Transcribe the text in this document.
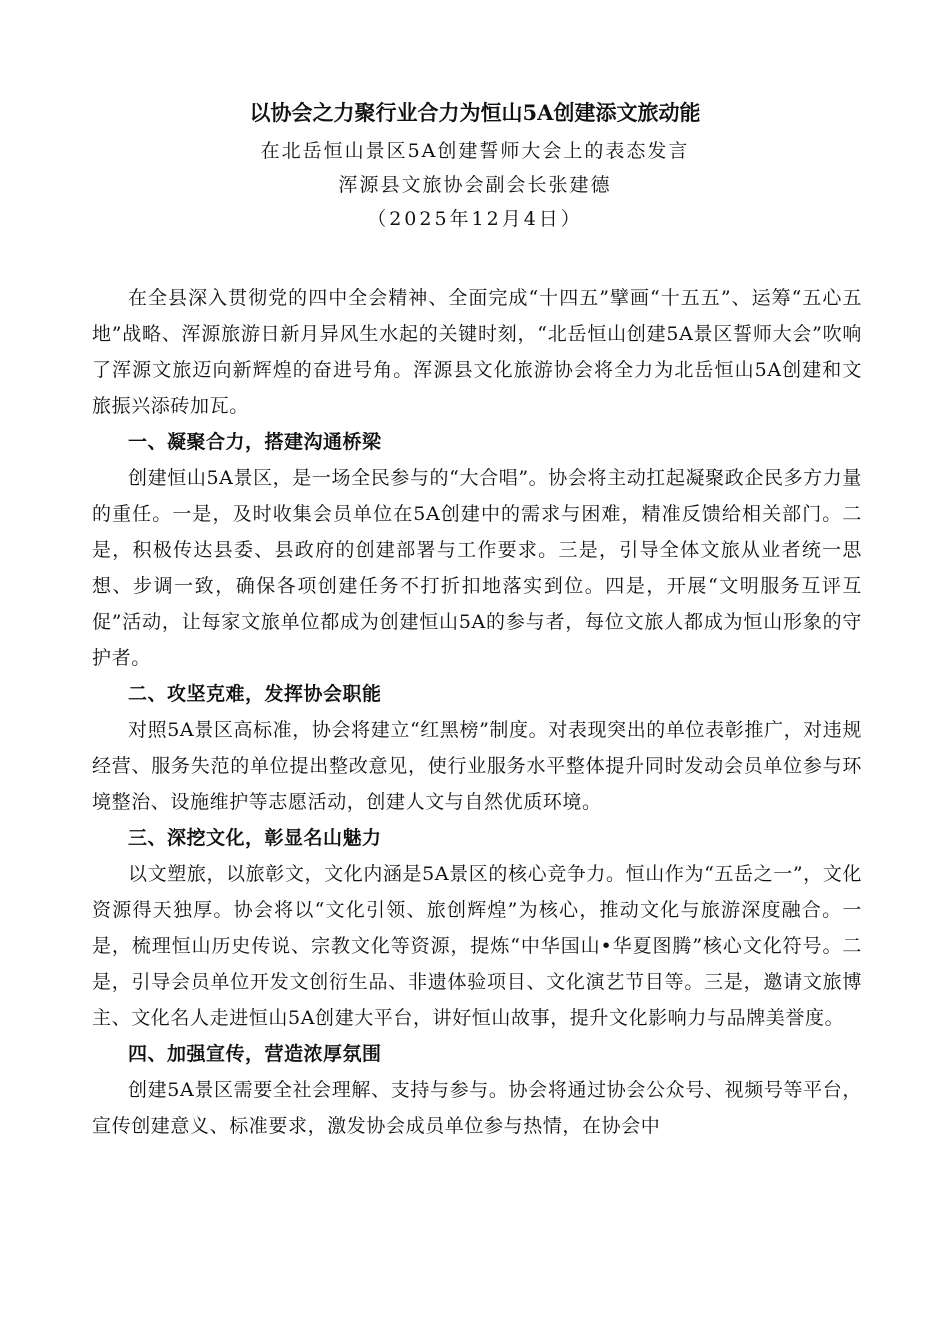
以协会之力聚行业合力为恒山5A创建添文旅动能
在北岳恒山景区5A创建誓师大会上的表态发言
浑源县文旅协会副会长张建德
（2025年12月4日）

在全县深入贯彻党的四中全会精神、全面完成“十四五”擘画“十五五”、运筹“五心五地”战略、浑源旅游日新月异风生水起的关键时刻，“北岳恒山创建5A景区誓师大会”吹响了浑源文旅迈向新辉煌的奋进号角。浑源县文化旅游协会将全力为北岳恒山5A创建和文旅振兴添砖加瓦。

一、凝聚合力，搭建沟通桥梁

创建恒山5A景区，是一场全民参与的“大合唱”。协会将主动扛起凝聚政企民多方力量的重任。一是，及时收集会员单位在5A创建中的需求与困难，精准反馈给相关部门。二是，积极传达县委、县政府的创建部署与工作要求。三是，引导全体文旅从业者统一思想、步调一致，确保各项创建任务不打折扣地落实到位。四是，开展“文明服务互评互促”活动，让每家文旅单位都成为创建恒山5A的参与者，每位文旅人都成为恒山形象的守护者。

二、攻坚克难，发挥协会职能

对照5A景区高标准，协会将建立“红黑榜”制度。对表现突出的单位表彰推广，对违规经营、服务失范的单位提出整改意见，使行业服务水平整体提升同时发动会员单位参与环境整治、设施维护等志愿活动，创建人文与自然优质环境。

三、深挖文化，彰显名山魅力

以文塑旅，以旅彰文，文化内涵是5A景区的核心竞争力。恒山作为“五岳之一”，文化资源得天独厚。协会将以“文化引领、旅创辉煌”为核心，推动文化与旅游深度融合。一是，梳理恒山历史传说、宗教文化等资源，提炼“中华国山•华夏图腾”核心文化符号。二是，引导会员单位开发文创衍生品、非遗体验项目、文化演艺节目等。三是，邀请文旅博主、文化名人走进恒山5A创建大平台，讲好恒山故事，提升文化影响力与品牌美誉度。

四、加强宣传，营造浓厚氛围

创建5A景区需要全社会理解、支持与参与。协会将通过协会公众号、视频号等平台，宣传创建意义、标准要求，激发协会成员单位参与热情，在协会中
